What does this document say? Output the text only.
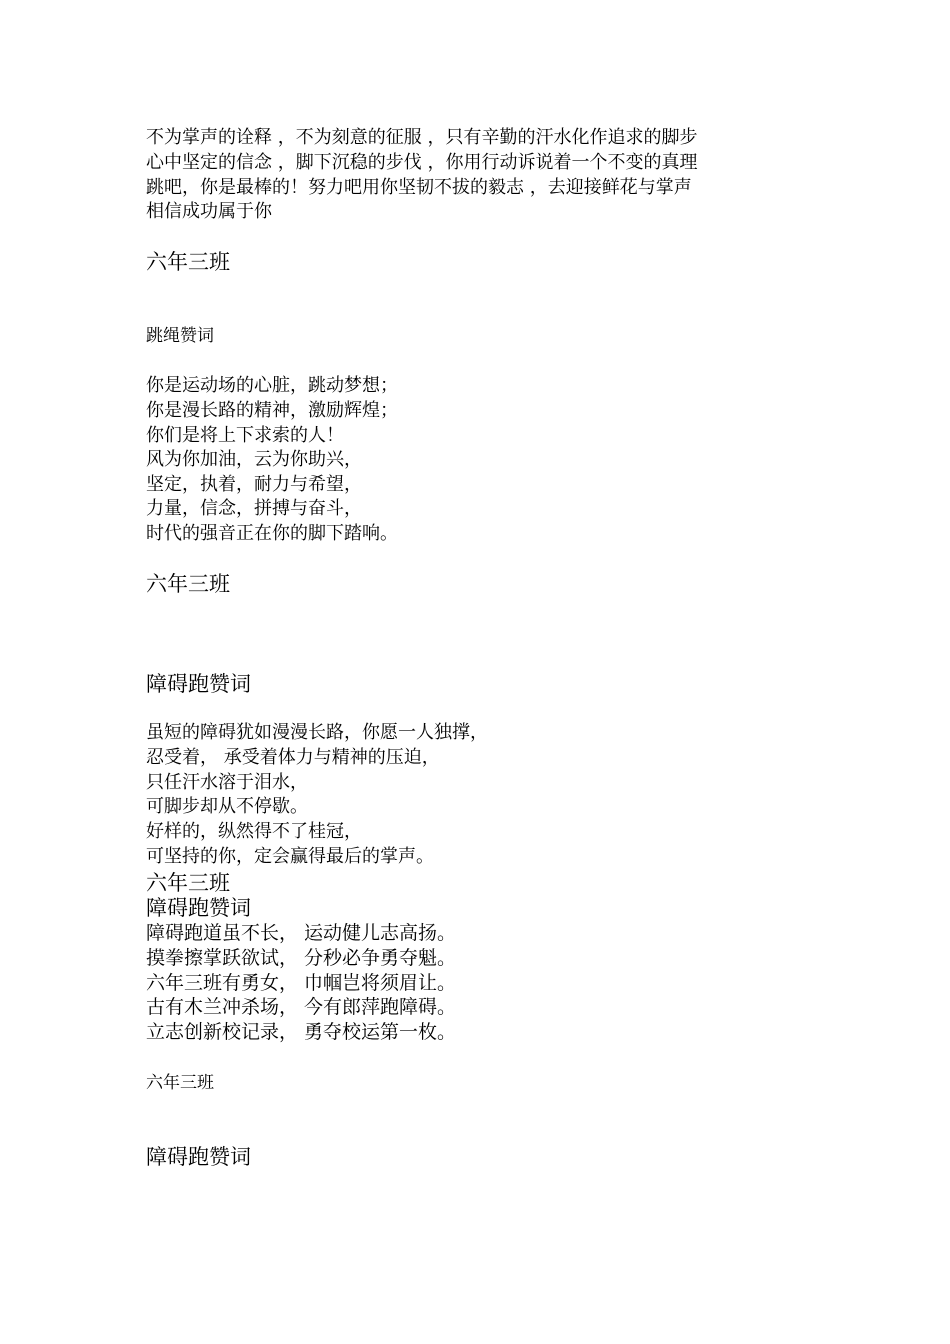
不为掌声的诠释 ，不为刻意的征服 ，只有辛勤的汗水化作追求的脚步
心中坚定的信念 ，脚下沉稳的步伐 ，你用行动诉说着一个不变的真理
跳吧，你是最棒的！努力吧用你坚韧不拔的毅志 ，去迎接鲜花与掌声
相信成功属于你
六年三班
跳绳赞词
你是运动场的心脏，跳动梦想；
你是漫长路的精神，激励辉煌；
你们是将上下求索的人！
风为你加油，云为你助兴，
坚定，执着，耐力与希望，
力量，信念，拼搏与奋斗，
时代的强音正在你的脚下踏响。
六年三班
障碍跑赞词
虽短的障碍犹如漫漫长路，你愿一人独撑，
忍受着， 承受着体力与精神的压迫，
只任汗水溶于泪水，
可脚步却从不停歇。
好样的，纵然得不了桂冠，
可坚持的你，定会赢得最后的掌声。
六年三班
障碍跑赞词
障碍跑道虽不长， 运动健儿志高扬。
摸拳擦掌跃欲试， 分秒必争勇夺魁。
六年三班有勇女， 巾帼岂将须眉让。
古有木兰冲杀场， 今有郎萍跑障碍。
立志创新校记录， 勇夺校运第一枚。
六年三班
障碍跑赞词
